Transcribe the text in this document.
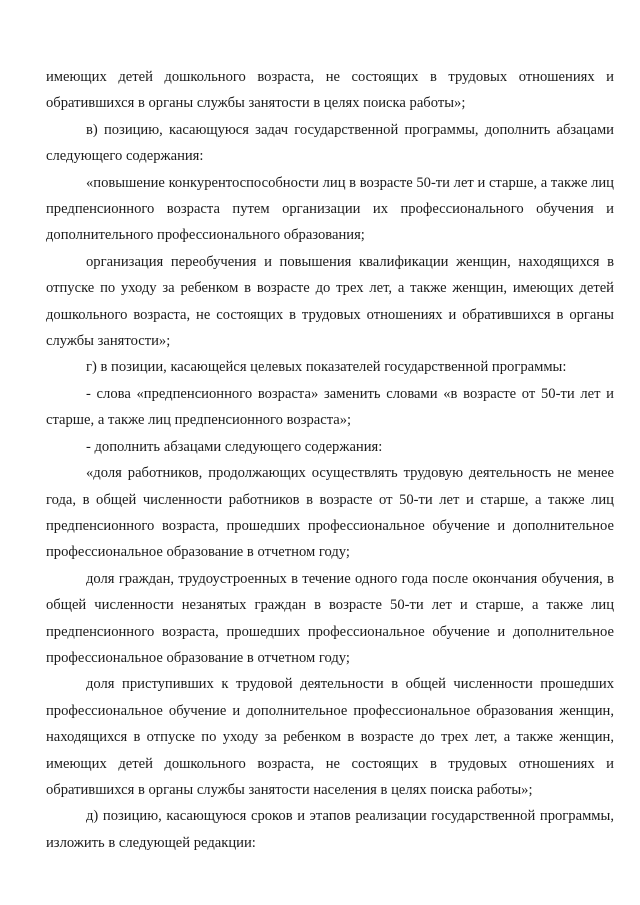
имеющих детей дошкольного возраста, не состоящих в трудовых отношениях и обратившихся в органы службы занятости в целях поиска работы»;

в) позицию, касающуюся задач государственной программы, дополнить абзацами следующего содержания:

«повышение конкурентоспособности лиц в возрасте 50-ти лет и старше, а также лиц предпенсионного возраста путем организации их профессионального обучения и дополнительного профессионального образования;

организация переобучения и повышения квалификации женщин, находящихся в отпуске по уходу за ребенком в возрасте до трех лет, а также женщин, имеющих детей дошкольного возраста, не состоящих в трудовых отношениях и обратившихся в органы службы занятости»;

г) в позиции, касающейся целевых показателей государственной программы:

- слова «предпенсионного возраста» заменить словами «в возрасте от 50-ти лет и старше, а также лиц предпенсионного возраста»;

- дополнить абзацами следующего содержания:

«доля работников, продолжающих осуществлять трудовую деятельность не менее года, в общей численности работников в возрасте от 50-ти лет и старше, а также лиц предпенсионного возраста, прошедших профессиональное обучение и дополнительное профессиональное образование в отчетном году;

доля граждан, трудоустроенных в течение одного года после окончания обучения, в общей численности незанятых граждан в возрасте 50-ти лет и старше, а также лиц предпенсионного возраста, прошедших профессиональное обучение и дополнительное профессиональное образование в отчетном году;

доля приступивших к трудовой деятельности в общей численности прошедших профессиональное обучение и дополнительное профессиональное образования женщин, находящихся в отпуске по уходу за ребенком в возрасте до трех лет, а также женщин, имеющих детей дошкольного возраста, не состоящих в трудовых отношениях и обратившихся в органы службы занятости населения в целях поиска работы»;

д) позицию, касающуюся сроков и этапов реализации государственной программы, изложить в следующей редакции:
